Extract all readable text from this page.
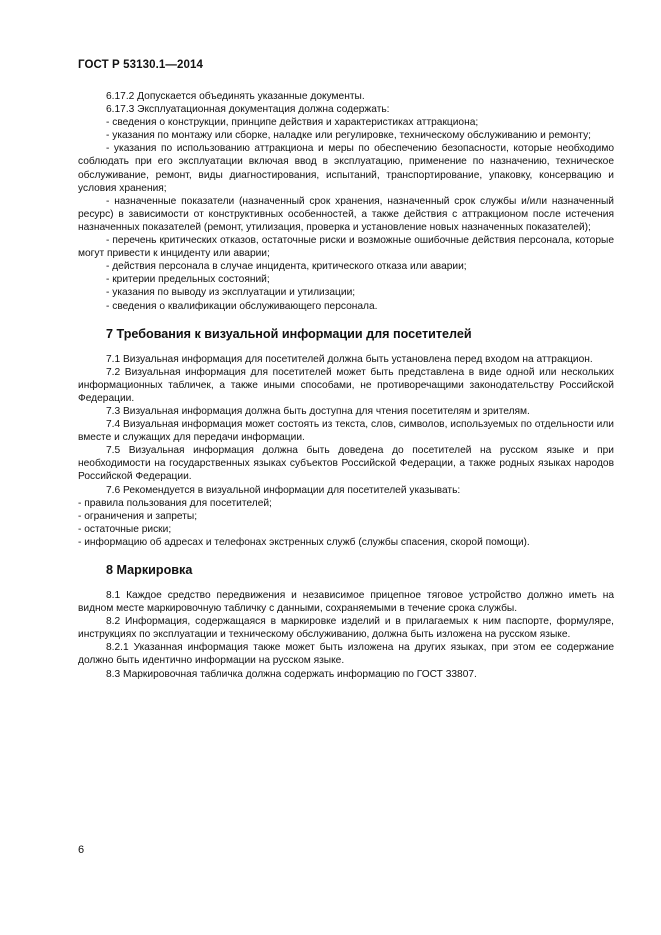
ГОСТ Р 53130.1—2014

6.17.2 Допускается объединять указанные документы.

6.17.3 Эксплуатационная документация должна содержать:

- сведения о конструкции, принципе действия и характеристиках аттракциона;

- указания по монтажу или сборке, наладке или регулировке, техническому обслуживанию и ремонту;

- указания по использованию аттракциона и меры по обеспечению безопасности, которые необходимо соблюдать при его эксплуатации включая ввод в эксплуатацию, применение по назначению, техническое обслуживание, ремонт, виды диагностирования, испытаний, транспортирование, упаковку, консервацию и условия хранения;

- назначенные показатели (назначенный срок хранения, назначенный срок службы и/или назначенный ресурс) в зависимости от конструктивных особенностей, а также действия с аттракционом после истечения назначенных показателей (ремонт, утилизация, проверка и установление новых назначенных показателей);

- перечень критических отказов, остаточные риски и возможные ошибочные действия персонала, которые могут привести к инциденту или аварии;

- действия персонала в случае инцидента, критического отказа или аварии;

- критерии предельных состояний;

- указания по выводу из эксплуатации и утилизации;

- сведения о квалификации обслуживающего персонала.

7 Требования к визуальной информации для посетителей

7.1 Визуальная информация для посетителей должна быть установлена перед входом на аттракцион.

7.2 Визуальная информация для посетителей может быть представлена в виде одной или нескольких информационных табличек, а также иными способами, не противоречащими законодательству Российской Федерации.

7.3 Визуальная информация должна быть доступна для чтения посетителям и зрителям.

7.4 Визуальная информация может состоять из текста, слов, символов, используемых по отдельности или вместе и служащих для передачи информации.

7.5 Визуальная информация должна быть доведена до посетителей на русском языке и при необходимости на государственных языках субъектов Российской Федерации, а также родных языках народов Российской Федерации.

7.6 Рекомендуется в визуальной информации для посетителей указывать:

- правила пользования для посетителей;

- ограничения и запреты;

- остаточные риски;

- информацию об адресах и телефонах экстренных служб (службы спасения, скорой помощи).

8 Маркировка

8.1 Каждое средство передвижения и независимое прицепное тяговое устройство должно иметь на видном месте маркировочную табличку с данными, сохраняемыми в течение срока службы.

8.2 Информация, содержащаяся в маркировке изделий и в прилагаемых к ним паспорте, формуляре, инструкциях по эксплуатации и техническому обслуживанию, должна быть изложена на русском языке.

8.2.1 Указанная информация также может быть изложена на других языках, при этом ее содержание должно быть идентично информации на русском языке.

8.3 Маркировочная табличка должна содержать информацию по ГОСТ 33807.

6
